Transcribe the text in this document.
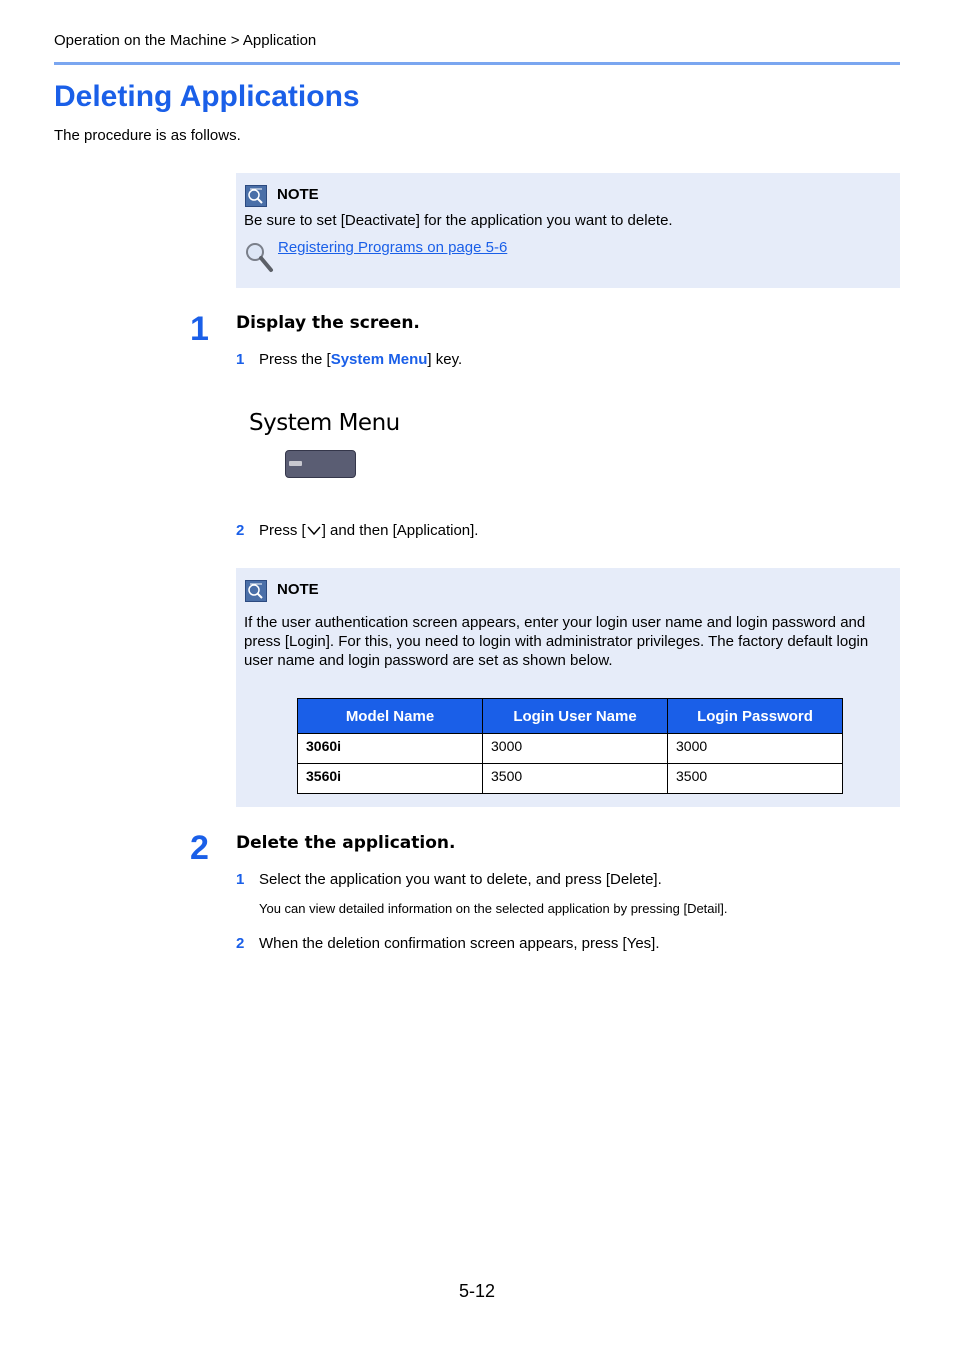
Operation on the Machine > Application
Deleting Applications
The procedure is as follows.
NOTE
Be sure to set [Deactivate] for the application you want to delete.
Registering Programs on page 5-6
1 Display the screen.
1 Press the [System Menu] key.
System Menu
2 Press [ ] and then [Application].
NOTE
If the user authentication screen appears, enter your login user name and login password and press [Login]. For this, you need to login with administrator privileges. The factory default login user name and login password are set as shown below.
Model Name	Login User Name	Login Password
3060i	3000	3000
3560i	3500	3500
2 Delete the application.
1 Select the application you want to delete, and press [Delete].
You can view detailed information on the selected application by pressing [Detail].
2 When the deletion confirmation screen appears, press [Yes].
5-12
